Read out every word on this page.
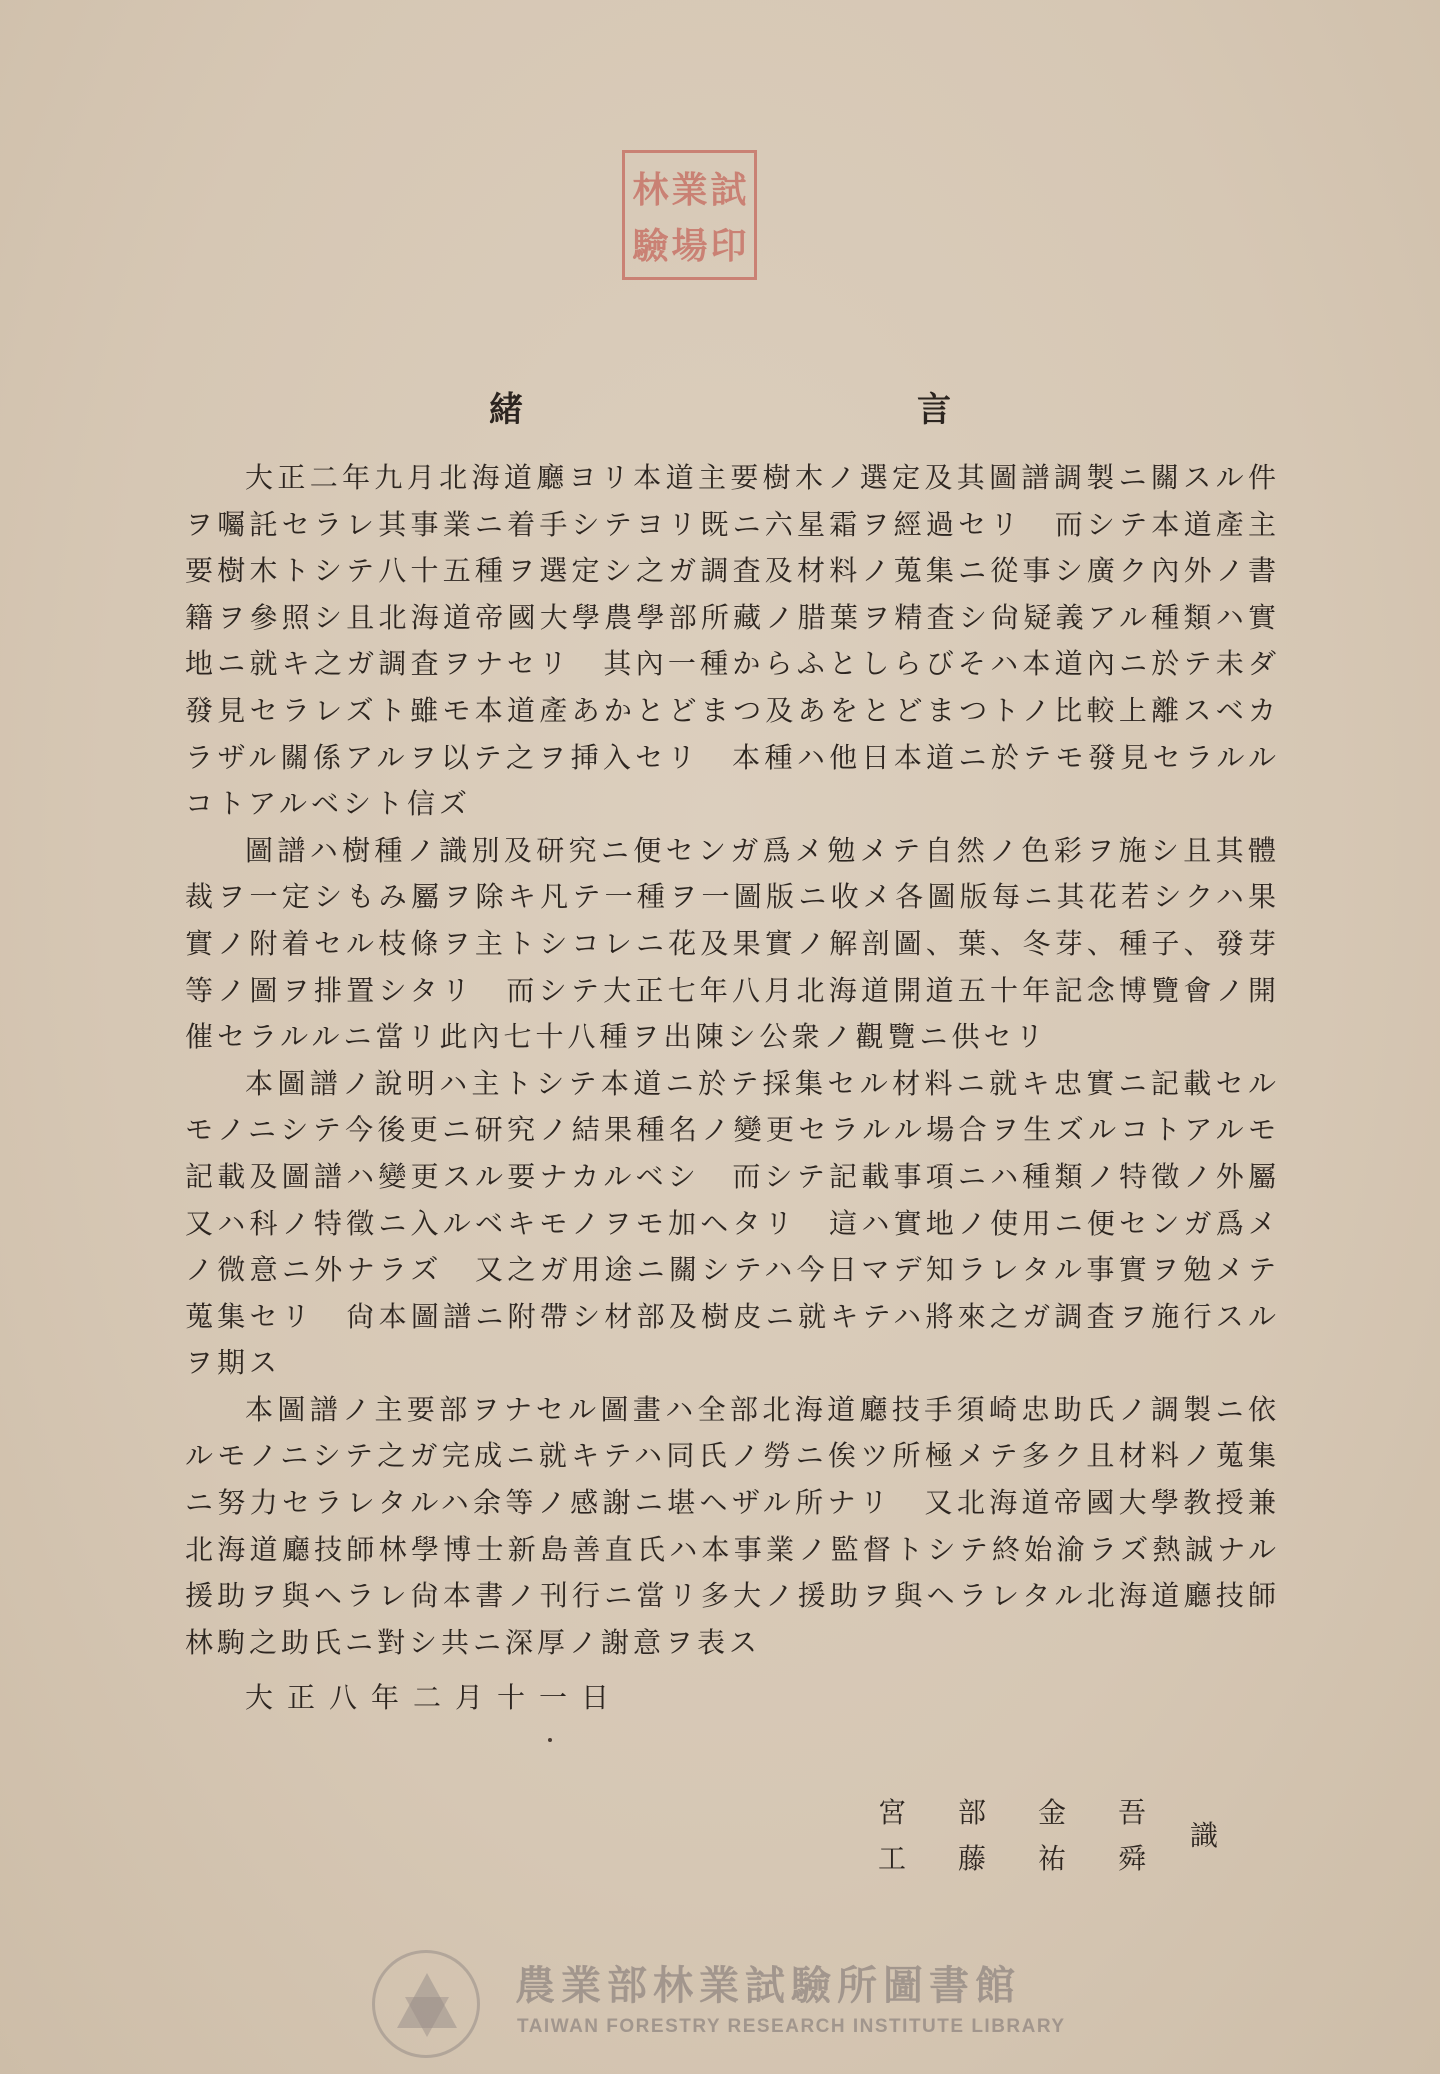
林 業 試
驗 場 印
緒　言

大正二年九月北海道廳ヨリ本道主要樹木ノ選定及其圖譜調製ニ關スル件ヲ囑託セラレ其事業ニ着手シテヨリ既ニ六星霜ヲ經過セリ　而シテ本道產主要樹木トシテ八十五種ヲ選定シ之ガ調査及材料ノ蒐集ニ從事シ廣ク內外ノ書籍ヲ參照シ且北海道帝國大學農學部所藏ノ腊葉ヲ精査シ尙疑義アル種類ハ實地ニ就キ之ガ調査ヲナセリ　其內一種からふとしらびそハ本道內ニ於テ未ダ發見セラレズト雖モ本道產あかとどまつ及あをとどまつトノ比較上離スベカラザル關係アルヲ以テ之ヲ挿入セリ　本種ハ他日本道ニ於テモ發見セラルルコトアルベシト信ズ

圖譜ハ樹種ノ識別及研究ニ便センガ爲メ勉メテ自然ノ色彩ヲ施シ且其體裁ヲ一定シもみ屬ヲ除キ凡テ一種ヲ一圖版ニ收メ各圖版每ニ其花若シクハ果實ノ附着セル枝條ヲ主トシコレニ花及果實ノ解剖圖、葉、冬芽、種子、發芽等ノ圖ヲ排置シタリ　而シテ大正七年八月北海道開道五十年記念博覽會ノ開催セラルルニ當リ此內七十八種ヲ出陳シ公衆ノ觀覽ニ供セリ

本圖譜ノ說明ハ主トシテ本道ニ於テ採集セル材料ニ就キ忠實ニ記載セルモノニシテ今後更ニ研究ノ結果種名ノ變更セラルル場合ヲ生ズルコトアルモ記載及圖譜ハ變更スル要ナカルベシ　而シテ記載事項ニハ種類ノ特徵ノ外屬又ハ科ノ特徵ニ入ルベキモノヲモ加ヘタリ　這ハ實地ノ使用ニ便センガ爲メノ微意ニ外ナラズ　又之ガ用途ニ關シテハ今日マデ知ラレタル事實ヲ勉メテ蒐集セリ　尙本圖譜ニ附帶シ材部及樹皮ニ就キテハ將來之ガ調査ヲ施行スルヲ期ス

本圖譜ノ主要部ヲナセル圖畫ハ全部北海道廳技手須崎忠助氏ノ調製ニ依ルモノニシテ之ガ完成ニ就キテハ同氏ノ勞ニ俟ツ所極メテ多ク且材料ノ蒐集ニ努力セラレタルハ余等ノ感謝ニ堪ヘザル所ナリ　又北海道帝國大學教授兼北海道廳技師林學博士新島善直氏ハ本事業ノ監督トシテ終始渝ラズ熱誠ナル援助ヲ與ヘラレ尙本書ノ刊行ニ當リ多大ノ援助ヲ與ヘラレタル北海道廳技師林駒之助氏ニ對シ共ニ深厚ノ謝意ヲ表ス

大正八年二月十一日
宮部金吾
工藤祐舜
識
農業部林業試驗所圖書館
TAIWAN FORESTRY RESEARCH INSTITUTE LIBRARY
